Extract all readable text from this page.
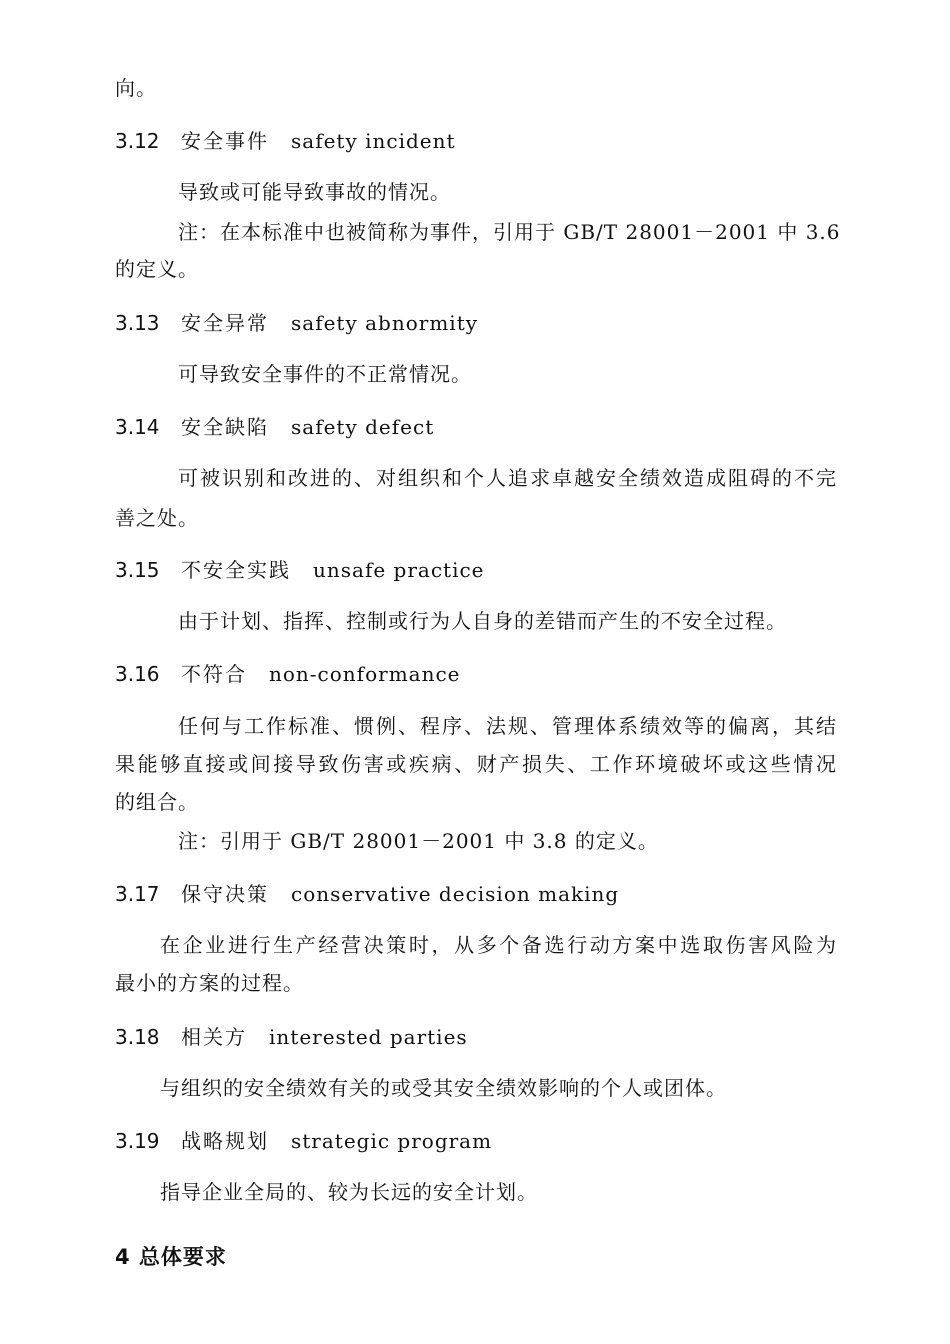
向。
3.12	安全事件 safety incident
导致或可能导致事故的情况。
注：在本标准中也被简称为事件，引用于 GB/T 28001－2001 中 3.6
的定义。
3.13	安全异常 safety abnormity
可导致安全事件的不正常情况。
3.14	安全缺陷 safety defect
可被识别和改进的、对组织和个人追求卓越安全绩效造成阻碍的不完
善之处。
3.15	不安全实践 unsafe practice
由于计划、指挥、控制或行为人自身的差错而产生的不安全过程。
3.16	不符合 non-conformance
任何与工作标准、惯例、程序、法规、管理体系绩效等的偏离，其结
果能够直接或间接导致伤害或疾病、财产损失、工作环境破坏或这些情况
的组合。
注：引用于 GB/T 28001－2001 中 3.8 的定义。
3.17	保守决策 conservative decision making
在企业进行生产经营决策时，从多个备选行动方案中选取伤害风险为
最小的方案的过程。
3.18	相关方 interested parties
与组织的安全绩效有关的或受其安全绩效影响的个人或团体。
3.19	战略规划 strategic program
指导企业全局的、较为长远的安全计划。
4 总体要求
